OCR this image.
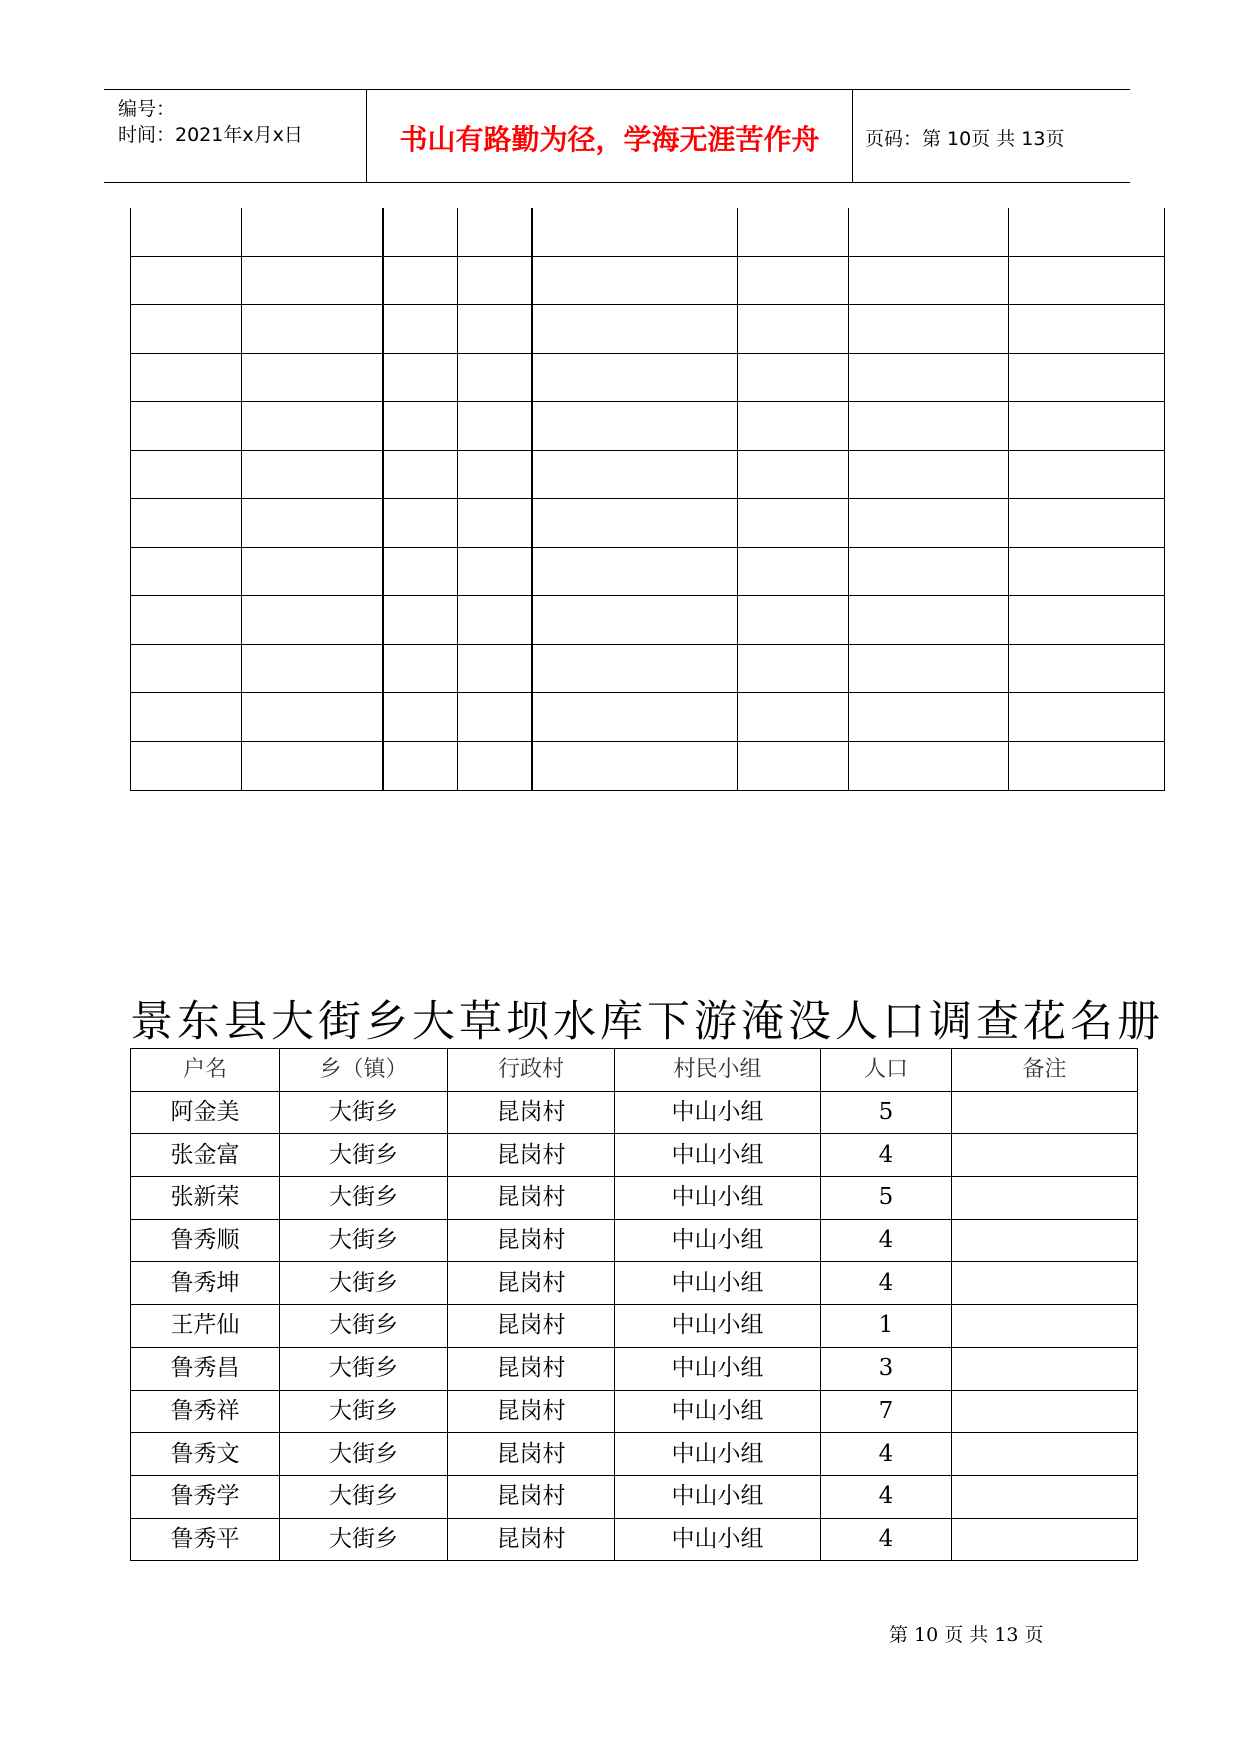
编号：
时间：2021年x月x日	书山有路勤为径，学海无涯苦作舟	页码：第 10页 共 13页
景东县大街乡大草坝水库下游淹没人口调查花名册
户名	乡（镇）	行政村	村民小组	人口	备注
阿金美	大街乡	昆岗村	中山小组	5	
张金富	大街乡	昆岗村	中山小组	4	
张新荣	大街乡	昆岗村	中山小组	5	
鲁秀顺	大街乡	昆岗村	中山小组	4	
鲁秀坤	大街乡	昆岗村	中山小组	4	
王芹仙	大街乡	昆岗村	中山小组	1	
鲁秀昌	大街乡	昆岗村	中山小组	3	
鲁秀祥	大街乡	昆岗村	中山小组	7	
鲁秀文	大街乡	昆岗村	中山小组	4	
鲁秀学	大街乡	昆岗村	中山小组	4	
鲁秀平	大街乡	昆岗村	中山小组	4	
第 10 页 共 13 页
